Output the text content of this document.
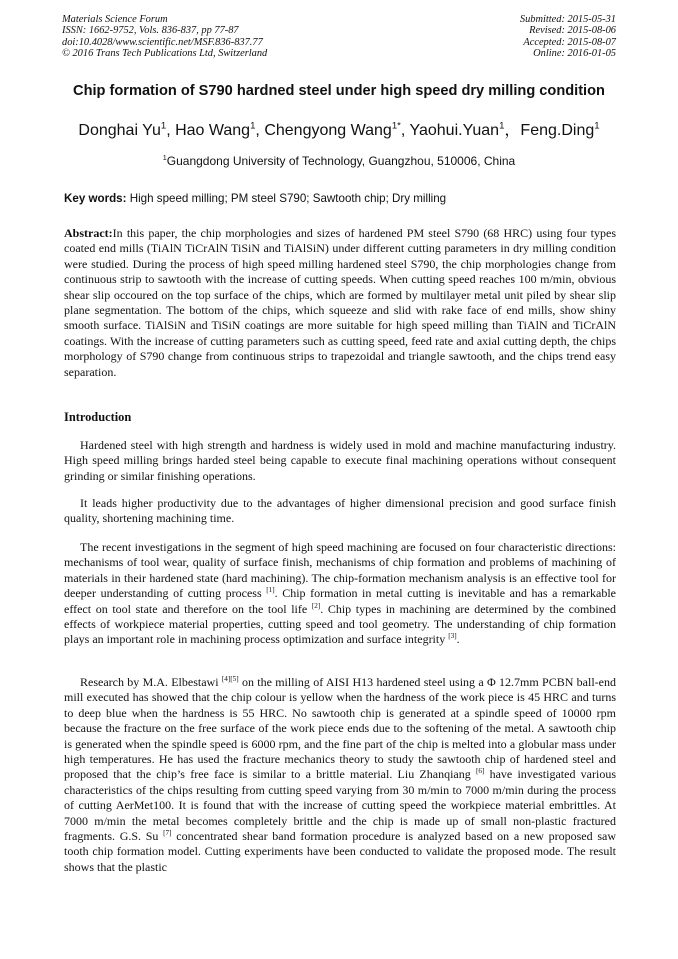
Materials Science Forum
ISSN: 1662-9752, Vols. 836-837, pp 77-87
doi:10.4028/www.scientific.net/MSF.836-837.77
© 2016 Trans Tech Publications Ltd, Switzerland
Submitted: 2015-05-31
Revised: 2015-08-06
Accepted: 2015-08-07
Online: 2016-01-05
Chip formation of S790 hardned steel under high speed dry milling condition
Donghai Yu$^1$, Hao Wang$^1$, Chengyong Wang$^{1*}$, Yaohui.Yuan$^1$，Feng.Ding$^1$
$^1$Guangdong University of Technology, Guangzhou, 510006, China
Key words: High speed milling; PM steel S790; Sawtooth chip; Dry milling
Abstract:In this paper, the chip morphologies and sizes of hardened PM steel S790 (68 HRC) using four types coated end mills (TiAlN TiCrAlN TiSiN and TiAlSiN) under different cutting parameters in dry milling condition were studied. During the process of high speed milling hardened steel S790, the chip morphologies change from continuous strip to sawtooth with the increase of cutting speeds. When cutting speed reaches 100 m/min, obvious shear slip occoured on the top surface of the chips, which are formed by multilayer metal unit piled by shear slip plane segmentation. The bottom of the chips, which squeeze and slid with rake face of end mills, show shiny smooth surface. TiAlSiN and TiSiN coatings are more suitable for high speed milling than TiAlN and TiCrAlN coatings. With the increase of cutting parameters such as cutting speed, feed rate and axial cutting depth, the chips morphology of S790 change from continuous strips to trapezoidal and triangle sawtooth, and the chips trend easy separation.
Introduction

Hardened steel with high strength and hardness is widely used in mold and machine manufacturing industry. High speed milling brings harded steel being capable to execute final machining operations without consequent grinding or similar finishing operations.

It leads higher productivity due to the advantages of higher dimensional precision and good surface finish quality, shortening machining time.

The recent investigations in the segment of high speed machining are focused on four characteristic directions: mechanisms of tool wear, quality of surface finish, mechanisms of chip formation and problems of machining of materials in their hardened state (hard machining). The chip-formation mechanism analysis is an effective tool for deeper understanding of cutting process [1]. Chip formation in metal cutting is inevitable and has a remarkable effect on tool state and therefore on the tool life [2]. Chip types in machining are determined by the combined effects of workpiece material properties, cutting speed and tool geometry. The understanding of chip formation plays an important role in machining process optimization and surface integrity [3].

Research by M.A. Elbestawi [4][5] on the milling of AISI H13 hardened steel using a Φ 12.7mm PCBN ball-end mill executed has showed that the chip colour is yellow when the hardness of the work piece is 45 HRC and turns to deep blue when the hardness is 55 HRC. No sawtooth chip is generated at a spindle speed of 10000 rpm because the fracture on the free surface of the work piece ends due to the softening of the metal. A sawtooth chip is generated when the spindle speed is 6000 rpm, and the fine part of the chip is melted into a globular mass under high temperatures. He has used the fracture mechanics theory to study the sawtooth chip of hardened steel and proposed that the chip’s free face is similar to a brittle material. Liu Zhanqiang [6] have investigated various characteristics of the chips resulting from cutting speed varying from 30 m/min to 7000 m/min during the process of cutting AerMet100. It is found that with the increase of cutting speed the workpiece material embrittles. At 7000 m/min the metal becomes completely brittle and the chip is made up of small non-plastic fractured fragments. G.S. Su [7] concentrated shear band formation procedure is analyzed based on a new proposed saw tooth chip formation model. Cutting experiments have been conducted to validate the proposed mode. The result shows that the plastic
